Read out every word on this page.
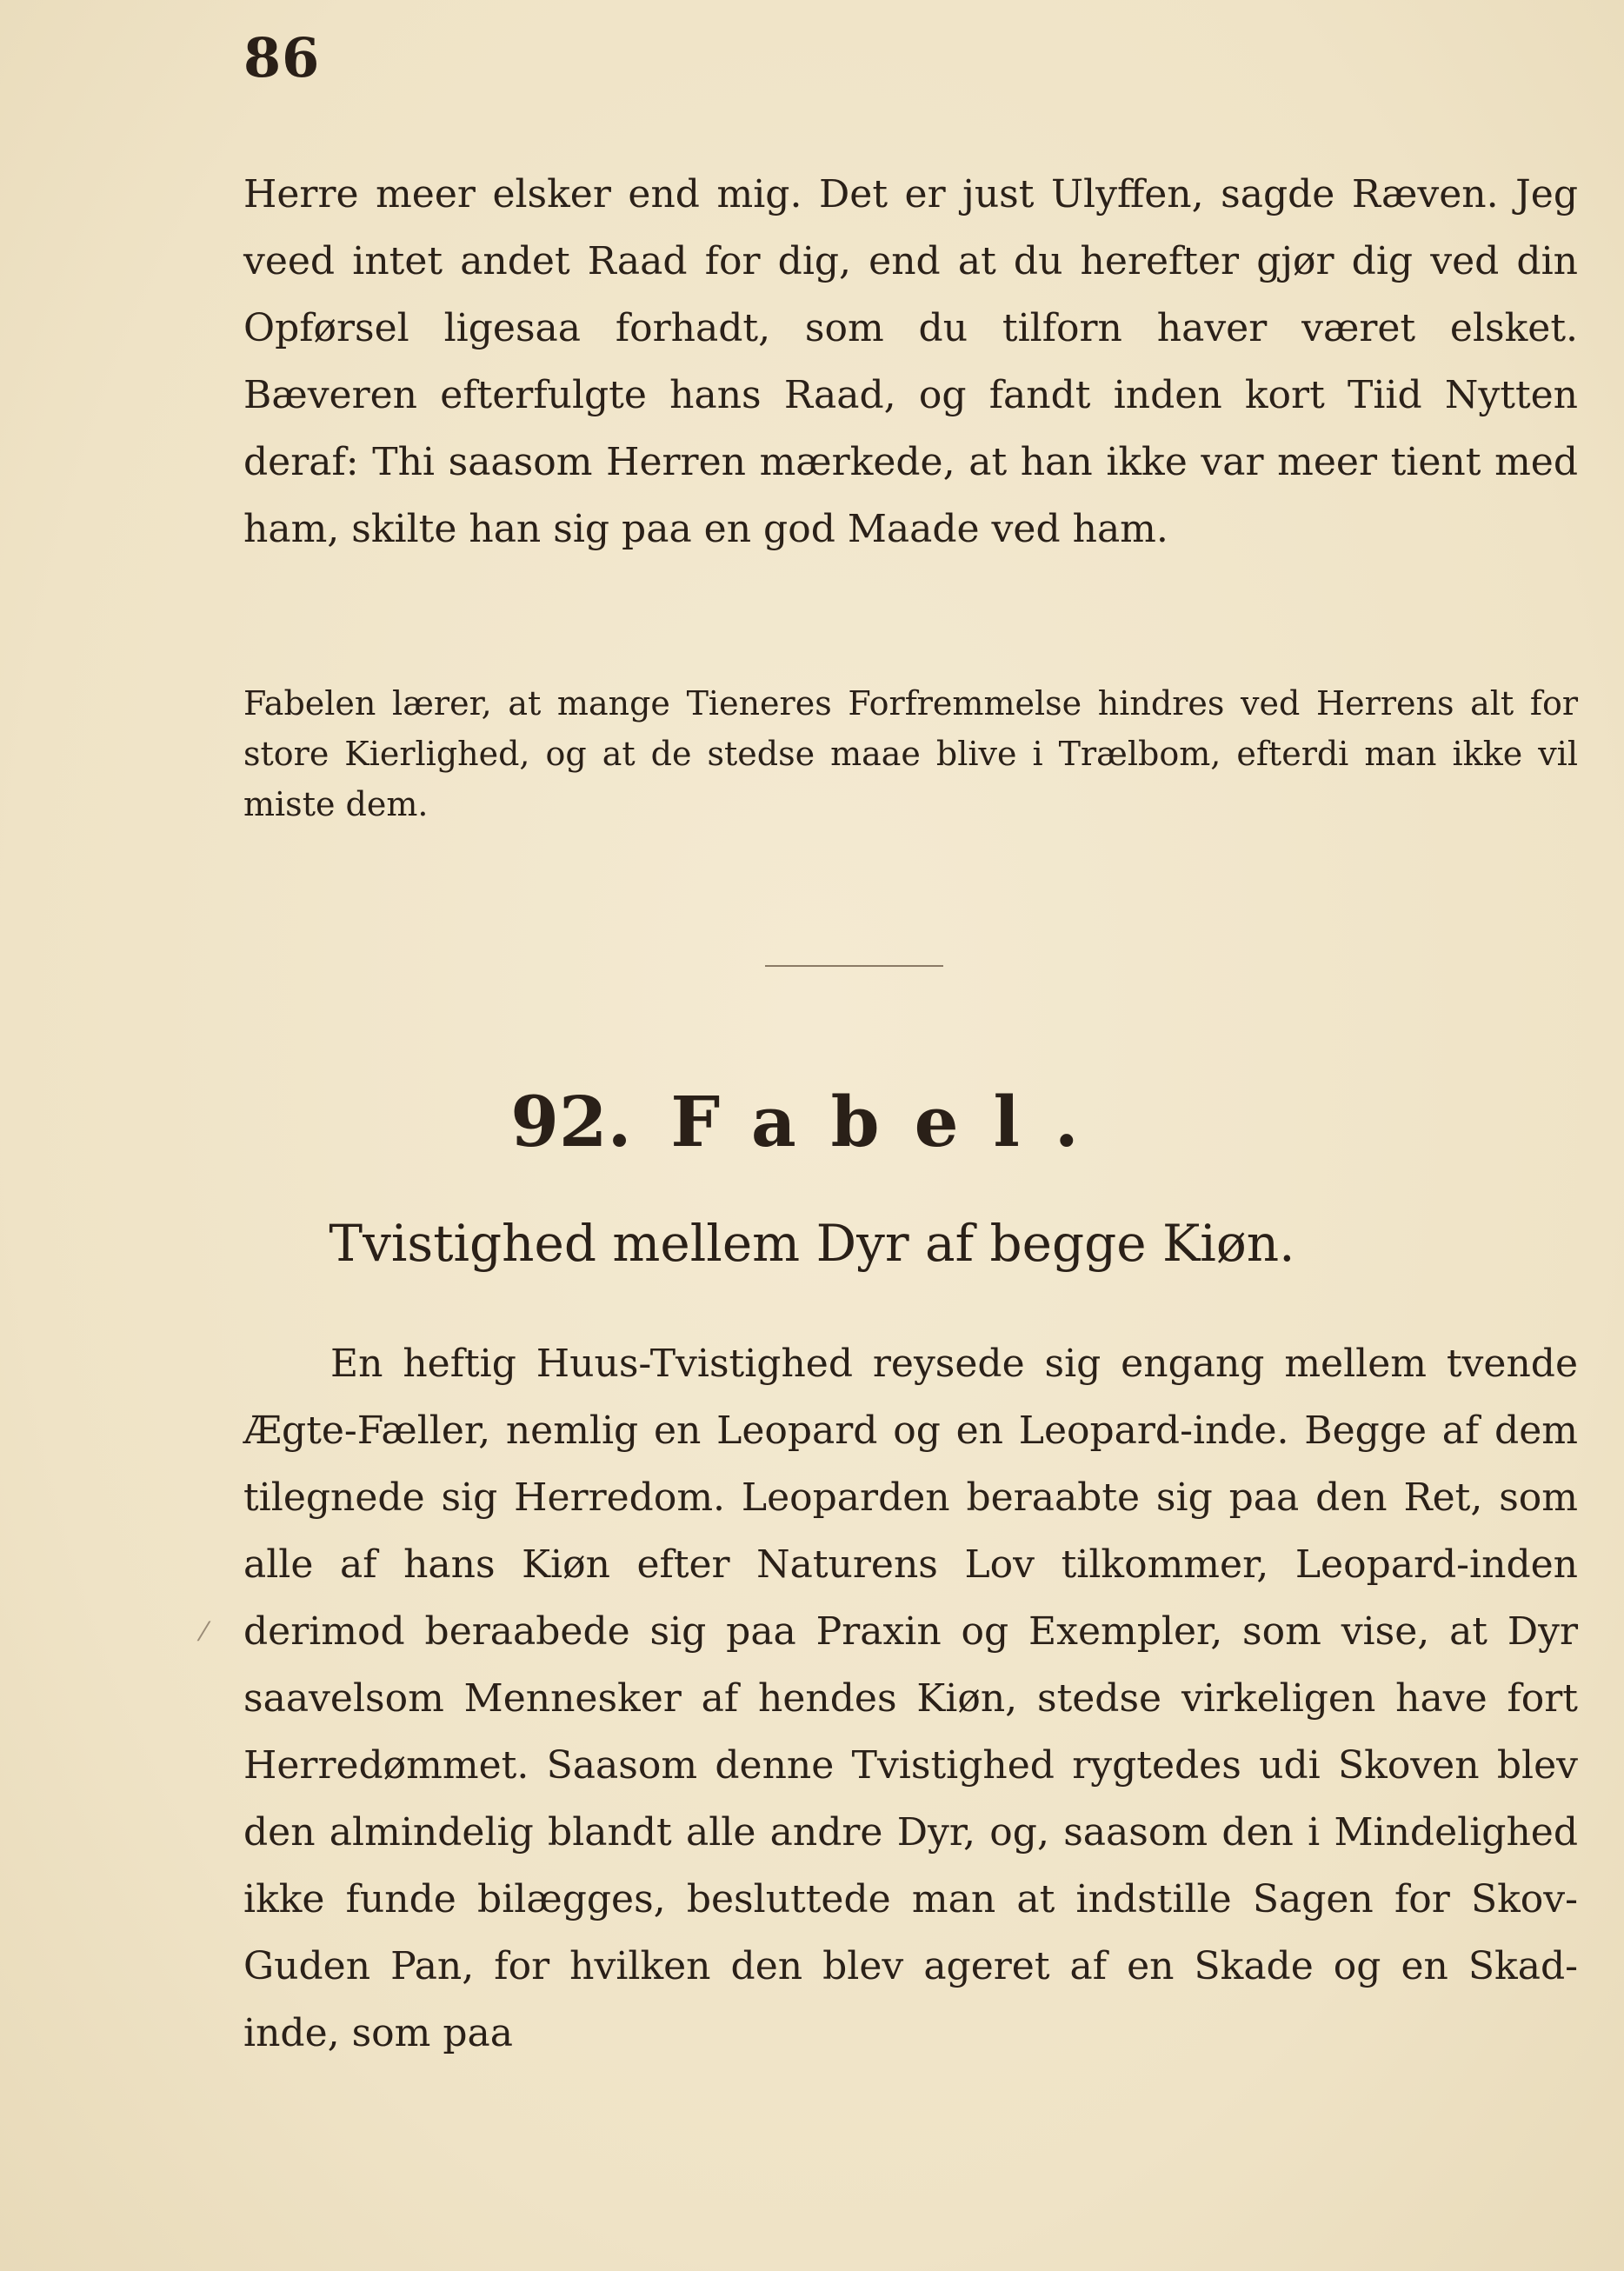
86

Herre meer elsker end mig. Det er just Ulyffen, sagde Ræven. Jeg veed intet andet Raad for dig, end at du herefter gjør dig ved din Opførsel ligesaa forhadt, som du tilforn haver været elsket. Bæveren efterfulgte hans Raad, og fandt inden kort Tiid Nytten deraf: Thi saasom Herren mærkede, at han ikke var meer tient med ham, skilte han sig paa en god Maade ved ham.

Fabelen lærer, at mange Tieneres Forfremmelse hindres ved Herrens alt for store Kierlighed, og at de stedse maae blive i Trælbom, efterdi man ikke vil miste dem.

92. Fabel.
Tvistighed mellem Dyr af begge Kiøn.

En heftig Huus-Tvistighed reysede sig engang mellem tvende Ægte-Fæller, nemlig en Leopard og en Leopard-inde. Begge af dem tilegnede sig Herredom. Leoparden beraabte sig paa den Ret, som alle af hans Kiøn efter Naturens Lov tilkommer, Leopard-inden derimod beraabede sig paa Praxin og Exempler, som vise, at Dyr saavelsom Mennesker af hendes Kiøn, stedse virkeligen have fort Herredømmet. Saasom denne Tvistighed rygtedes udi Skoven blev den almindelig blandt alle andre Dyr, og, saasom den i Mindelighed ikke funde bilægges, besluttede man at indstille Sagen for Skov-Guden Pan, for hvilken den blev ageret af en Skade og en Skad-inde, som paa

⁄
